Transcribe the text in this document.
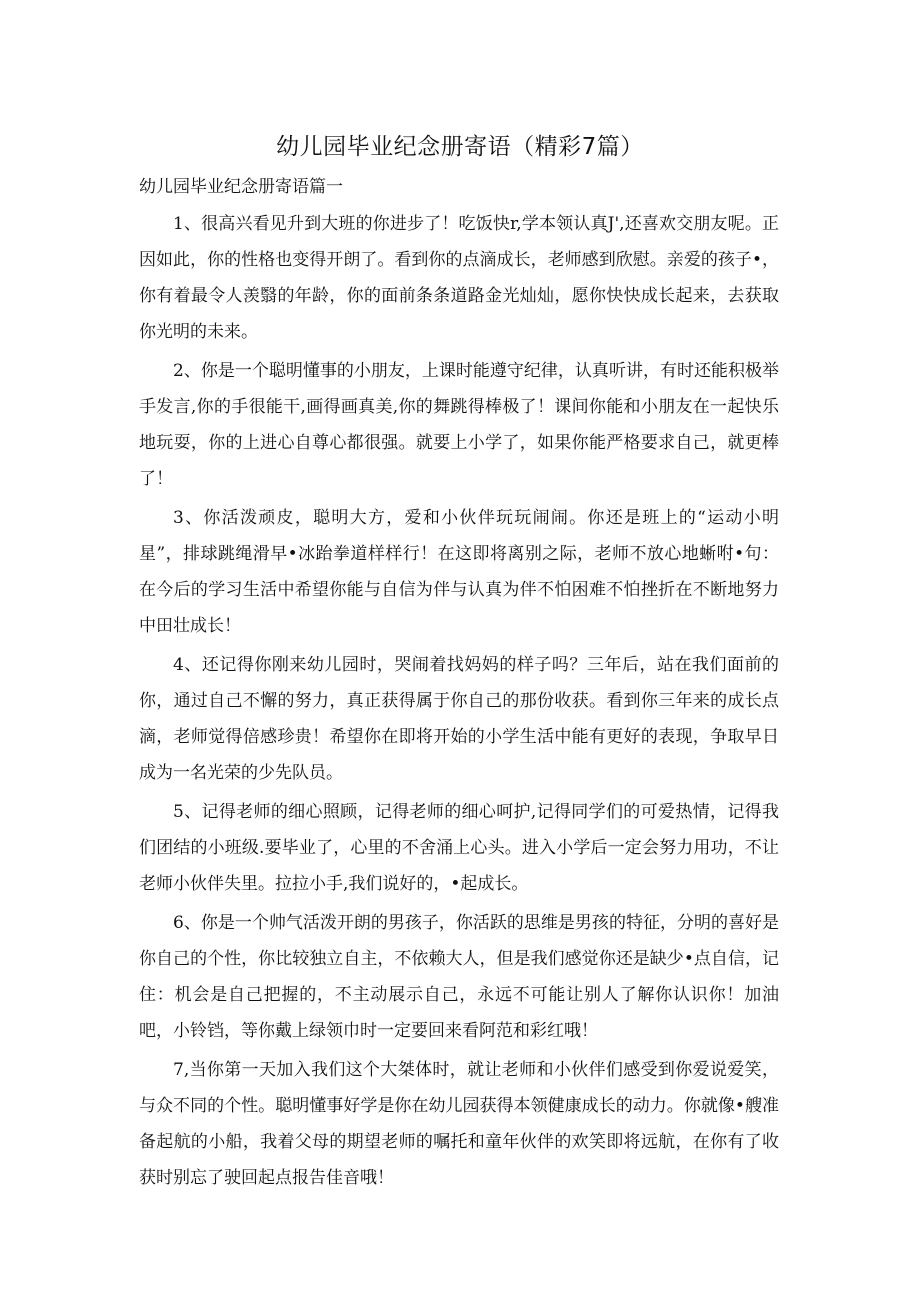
幼儿园毕业纪念册寄语（精彩7篇）
幼儿园毕业纪念册寄语篇一

1、很高兴看见升到大班的你进步了！吃饭快r,学本领认真J',还喜欢交朋友呢。正因如此，你的性格也变得开朗了。看到你的点滴成长，老师感到欣慰。亲爱的孩子•，你有着最令人羡翳的年龄，你的面前条条道路金光灿灿，愿你快快成长起来，去获取你光明的未来。

2、你是一个聪明懂事的小朋友，上课时能遵守纪律，认真听讲，有时还能积极举手发言,你的手很能干,画得画真美,你的舞跳得棒极了！课间你能和小朋友在一起快乐地玩耍，你的上进心自尊心都很强。就要上小学了，如果你能严格要求自己，就更棒了！

3、你活泼顽皮，聪明大方，爱和小伙伴玩玩闹闹。你还是班上的“运动小明星”，排球跳绳滑早•冰跆拳道样样行！在这即将离别之际，老师不放心地蜥咐•句：在今后的学习生活中希望你能与自信为伴与认真为伴不怕困难不怕挫折在不断地努力中田壮成长！

4、还记得你刚来幼儿园时，哭闹着找妈妈的样子吗？三年后，站在我们面前的你，通过自己不懈的努力，真正获得属于你自己的那份收获。看到你三年来的成长点滴，老师觉得倍感珍贵！希望你在即将开始的小学生活中能有更好的表现，争取早日成为一名光荣的少先队员。

5、记得老师的细心照顾，记得老师的细心呵护,记得同学们的可爱热情，记得我们团结的小班级.要毕业了，心里的不舍涌上心头。进入小学后一定会努力用功，不让老师小伙伴失里。拉拉小手,我们说好的，•起成长。

6、你是一个帅气活泼开朗的男孩子，你活跃的思维是男孩的特征，分明的喜好是你自己的个性，你比较独立自主，不依赖大人，但是我们感觉你还是缺少•点自信，记住：机会是自己把握的，不主动展示自己，永远不可能让别人了解你认识你！加油吧，小铃铛，等你戴上绿领巾时一定要回来看阿范和彩红哦！

7,当你第一天加入我们这个大桀体时，就让老师和小伙伴们感受到你爱说爱笑，与众不同的个性。聪明懂事好学是你在幼儿园获得本领健康成长的动力。你就像•艘准备起航的小船，我着父母的期望老师的嘱托和童年伙伴的欢笑即将远航，在你有了收获时别忘了驶回起点报告佳音哦！
